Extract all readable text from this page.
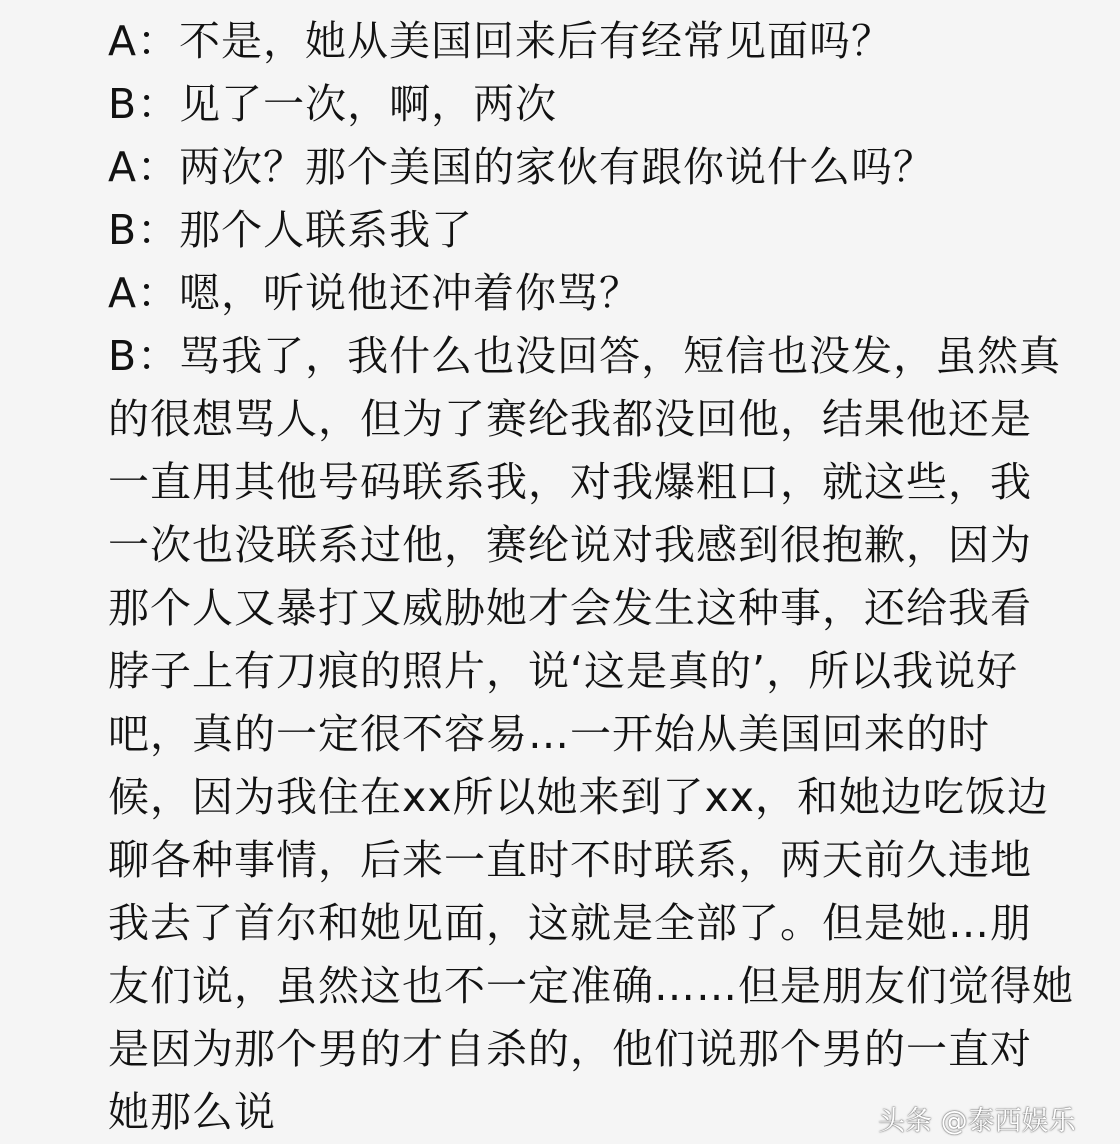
A：不是，她从美国回来后有经常见面吗？
B：见了一次，啊，两次
A：两次？那个美国的家伙有跟你说什么吗？
B：那个人联系我了
A：嗯，听说他还冲着你骂？
B：骂我了，我什么也没回答，短信也没发，虽然真
的很想骂人，但为了赛纶我都没回他，结果他还是
一直用其他号码联系我，对我爆粗口，就这些，我
一次也没联系过他，赛纶说对我感到很抱歉，因为
那个人又暴打又威胁她才会发生这种事，还给我看
脖子上有刀痕的照片，说‘这是真的’，所以我说好
吧，真的一定很不容易…一开始从美国回来的时
候，因为我住在xx所以她来到了xx，和她边吃饭边
聊各种事情，后来一直时不时联系，两天前久违地
我去了首尔和她见面，这就是全部了。但是她…朋
友们说，虽然这也不一定准确……但是朋友们觉得她
是因为那个男的才自杀的，他们说那个男的一直对
她那么说	头条 @泰西娱乐
